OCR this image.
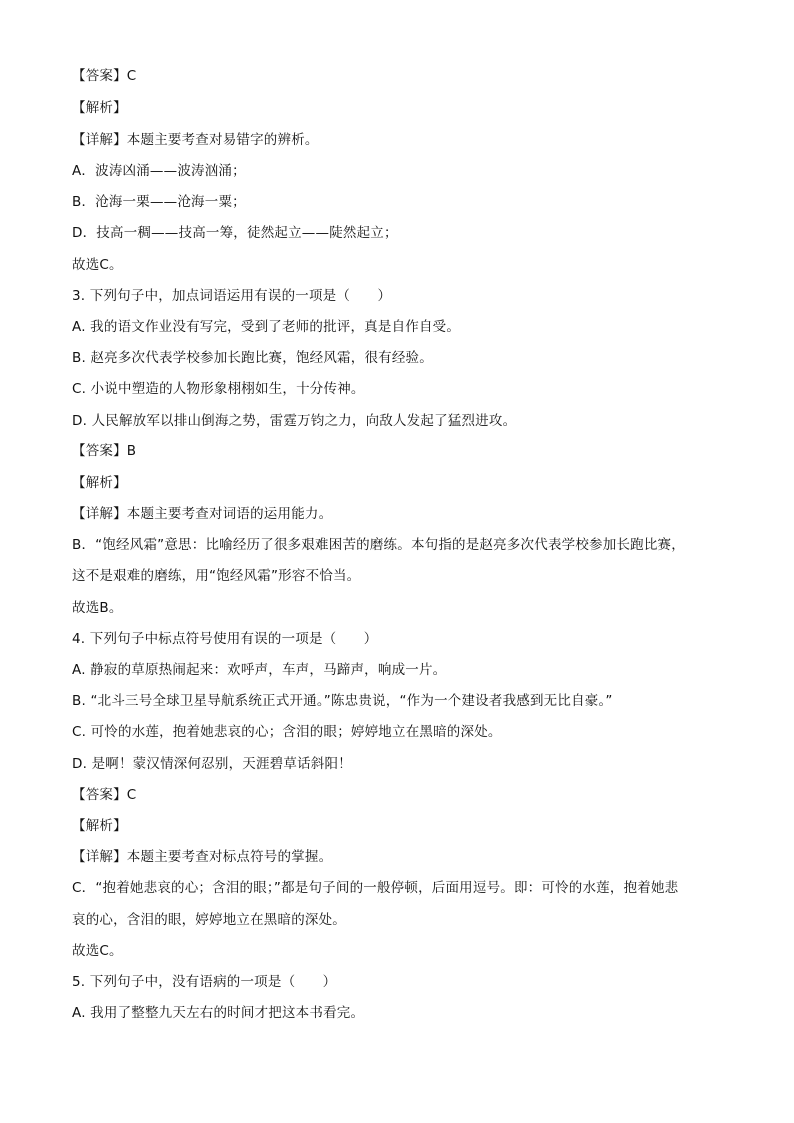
【答案】C

【解析】

【详解】本题主要考查对易错字的辨析。

A．波涛凶涌——波涛汹涌；

B．沧海一栗——沧海一粟；

D．技高一稠——技高一筹，徒然起立——陡然起立；

故选C。

3. 下列句子中，加点词语运用有误的一项是（　　）

A. 我的语文作业没有写完，受到了老师的批评，真是自作自受。

B. 赵亮多次代表学校参加长跑比赛，饱经风霜，很有经验。

C. 小说中塑造的人物形象栩栩如生，十分传神。

D. 人民解放军以排山倒海之势，雷霆万钧之力，向敌人发起了猛烈进攻。

【答案】B

【解析】

【详解】本题主要考查对词语的运用能力。

B．“饱经风霜”意思：比喻经历了很多艰难困苦的磨练。本句指的是赵亮多次代表学校参加长跑比赛，

这不是艰难的磨练，用“饱经风霜”形容不恰当。

故选B。

4. 下列句子中标点符号使用有误的一项是（　　）

A. 静寂的草原热闹起来：欢呼声，车声，马蹄声，响成一片。

B. “北斗三号全球卫星导航系统正式开通。”陈忠贵说，“作为一个建设者我感到无比自豪。”

C. 可怜的水莲，抱着她悲哀的心；含泪的眼；婷婷地立在黑暗的深处。

D. 是啊！蒙汉情深何忍别，天涯碧草话斜阳！

【答案】C

【解析】

【详解】本题主要考查对标点符号的掌握。

C．“抱着她悲哀的心；含泪的眼；”都是句子间的一般停顿，后面用逗号。即：可怜的水莲，抱着她悲

哀的心，含泪的眼，婷婷地立在黑暗的深处。

故选C。

5. 下列句子中，没有语病的一项是（　　）

A. 我用了整整九天左右的时间才把这本书看完。
